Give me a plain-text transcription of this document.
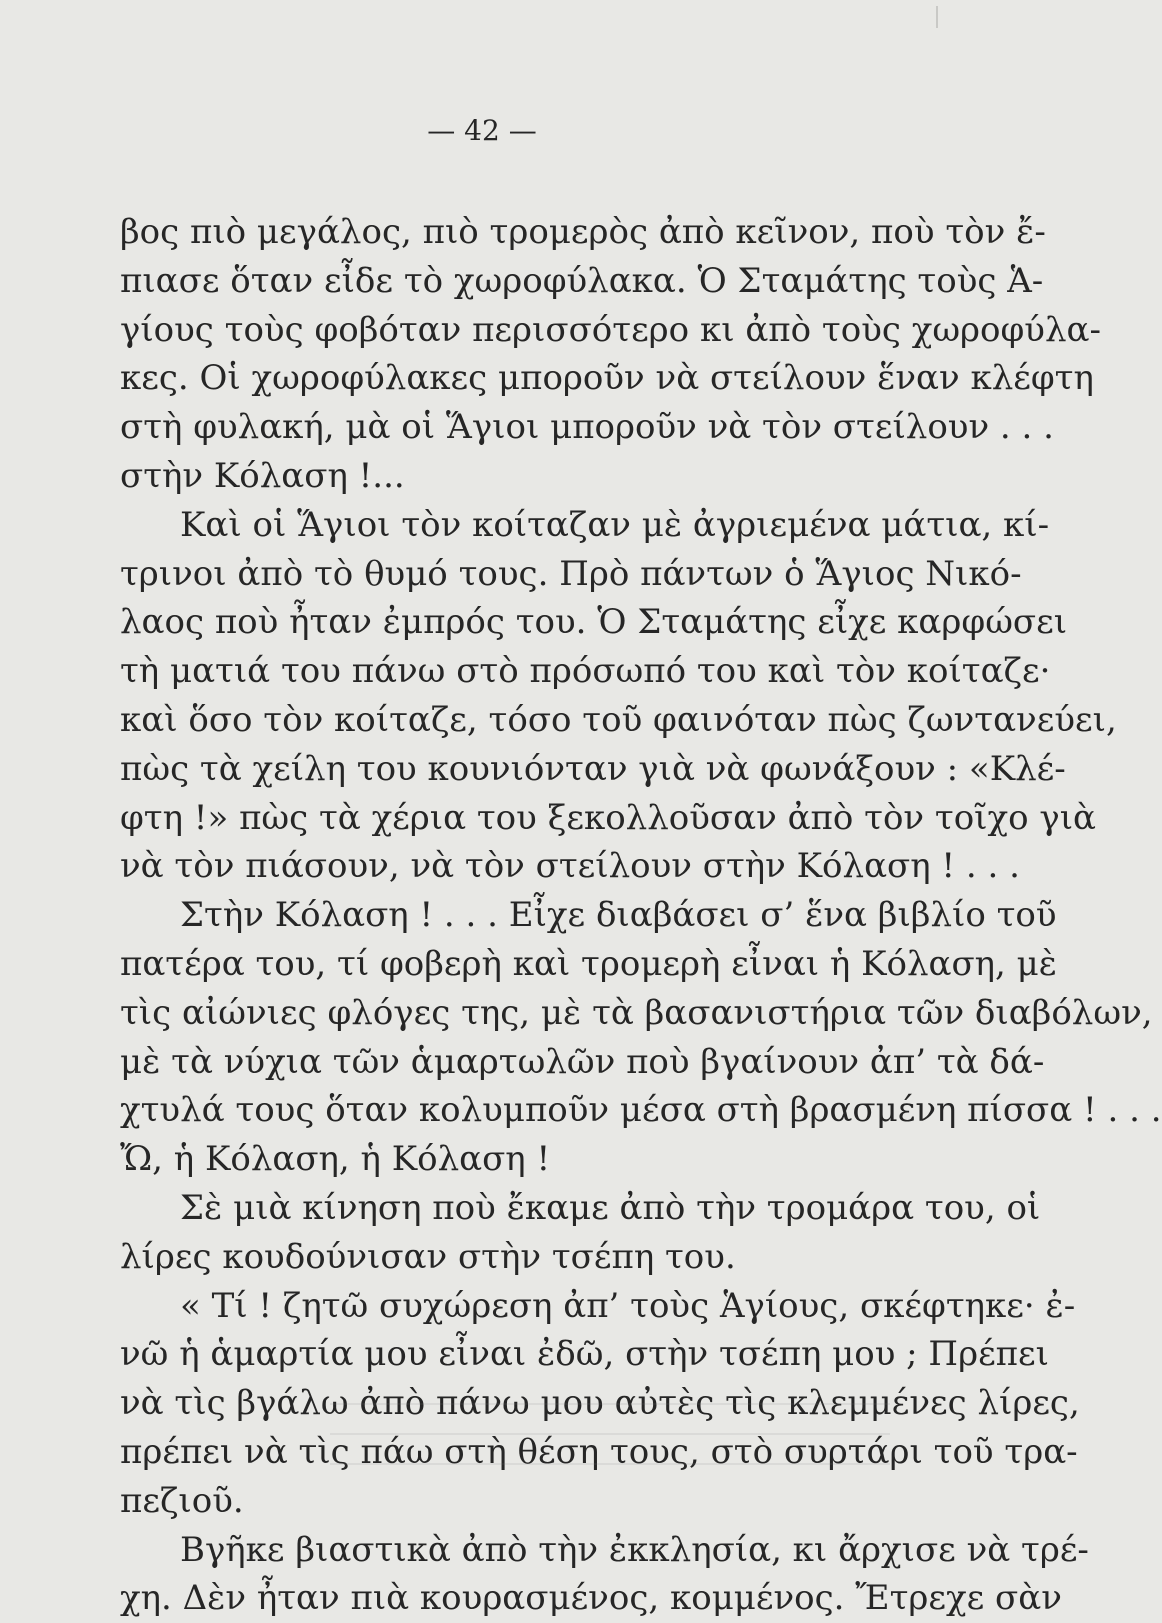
— 42 —
βος πιὸ μεγάλος, πιὸ τρομερὸς ἀπὸ κεῖνον, ποὺ τὸν ἔ-
πιασε ὅταν εἶδε τὸ χωροφύλακα. Ὁ Σταμάτης τοὺς Ἁ-
γίους τοὺς φοβόταν περισσότερο κι ἀπὸ τοὺς χωροφύλα-
κες. Οἱ χωροφύλακες μποροῦν νὰ στείλουν ἕναν κλέφτη
στὴ φυλακή, μὰ οἱ Ἅγιοι μποροῦν νὰ τὸν στείλουν . . .
στὴν Κόλαση !...
Καὶ οἱ Ἅγιοι τὸν κοίταζαν μὲ ἀγριεμένα μάτια, κί-
τρινοι ἀπὸ τὸ θυμό τους. Πρὸ πάντων ὁ Ἅγιος Νικό-
λαος ποὺ ἦταν ἐμπρός του. Ὁ Σταμάτης εἶχε καρφώσει
τὴ ματιά του πάνω στὸ πρόσωπό του καὶ τὸν κοίταζε·
καὶ ὅσο τὸν κοίταζε, τόσο τοῦ φαινόταν πὼς ζωντανεύει,
πὼς τὰ χείλη του κουνιόνταν γιὰ νὰ φωνάξουν : «Κλέ-
φτη !» πὼς τὰ χέρια του ξεκολλοῦσαν ἀπὸ τὸν τοῖχο γιὰ
νὰ τὸν πιάσουν, νὰ τὸν στείλουν στὴν Κόλαση ! . . .
Στὴν Κόλαση ! . . . Εἶχε διαβάσει σ’ ἕνα βιβλίο τοῦ
πατέρα του, τί φοβερὴ καὶ τρομερὴ εἶναι ἡ Κόλαση, μὲ
τὶς αἰώνιες φλόγες της, μὲ τὰ βασανιστήρια τῶν διαβόλων,
μὲ τὰ νύχια τῶν ἁμαρτωλῶν ποὺ βγαίνουν ἀπ’ τὰ δά-
χτυλά τους ὅταν κολυμποῦν μέσα στὴ βρασμένη πίσσα ! . . .
Ὤ, ἡ Κόλαση, ἡ Κόλαση !
Σὲ μιὰ κίνηση ποὺ ἔκαμε ἀπὸ τὴν τρομάρα του, οἱ
λίρες κουδούνισαν στὴν τσέπη του.
« Τί ! ζητῶ συχώρεση ἀπ’ τοὺς Ἁγίους, σκέφτηκε· ἐ-
νῶ ἡ ἁμαρτία μου εἶναι ἐδῶ, στὴν τσέπη μου ; Πρέπει
νὰ τὶς βγάλω ἀπὸ πάνω μου αὐτὲς τὶς κλεμμένες λίρες,
πρέπει νὰ τὶς πάω στὴ θέση τους, στὸ συρτάρι τοῦ τρα-
πεζιοῦ.
Βγῆκε βιαστικὰ ἀπὸ τὴν ἐκκλησία, κι ἄρχισε νὰ τρέ-
χη. Δὲν ἦταν πιὰ κουρασμένος, κομμένος. Ἔτρεχε σὰν
